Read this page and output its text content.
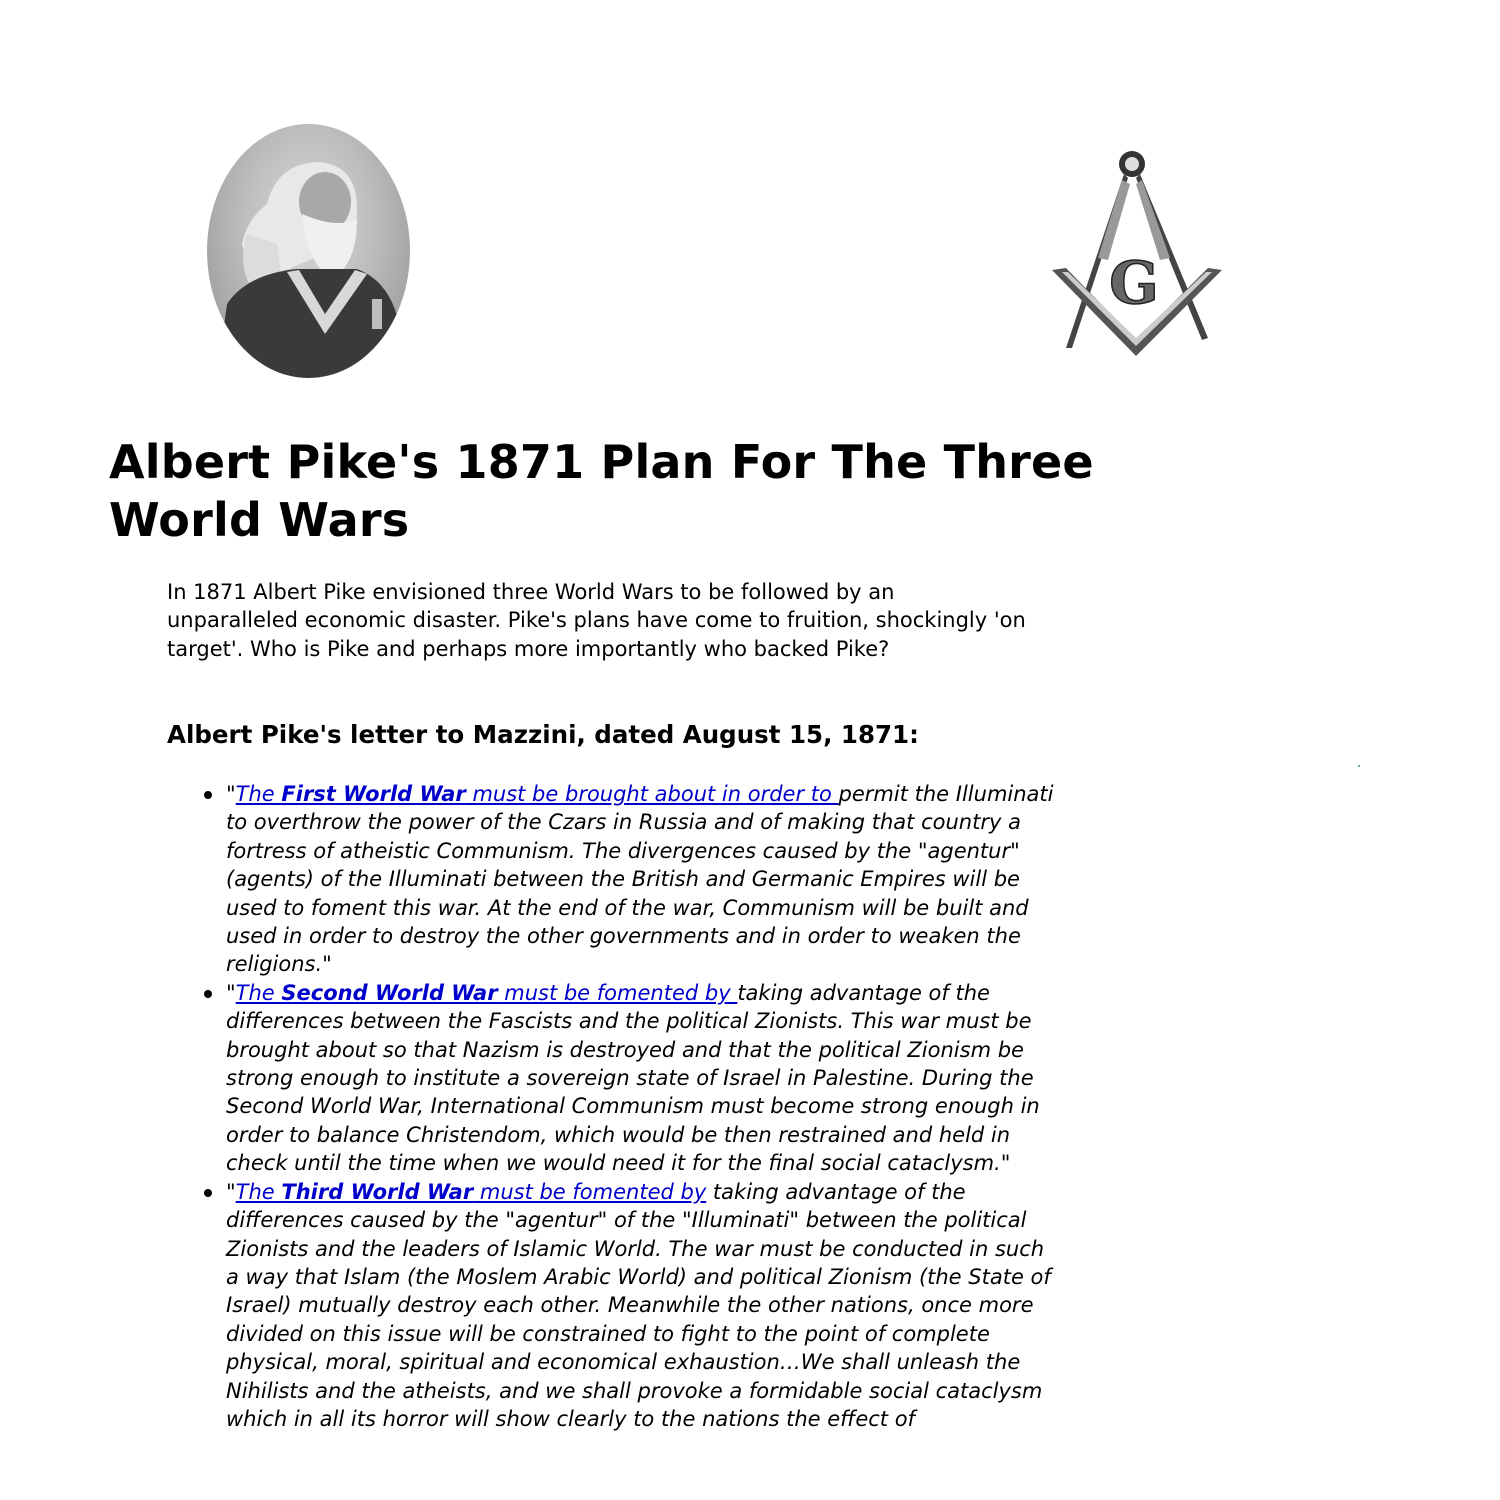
G
Albert Pike's 1871 Plan For The Three World Wars

In 1871 Albert Pike envisioned three World Wars to be followed by an unparalleled economic disaster. Pike's plans have come to fruition, shockingly 'on target'. Who is Pike and perhaps more importantly who backed Pike?

Albert Pike's letter to Mazzini, dated August 15, 1871:
"The First World War must be brought about in order to permit the Illuminati to overthrow the power of the Czars in Russia and of making that country a fortress of atheistic Communism. The divergences caused by the "agentur" (agents) of the Illuminati between the British and Germanic Empires will be used to foment this war. At the end of the war, Communism will be built and used in order to destroy the other governments and in order to weaken the religions."
"The Second World War must be fomented by taking advantage of the differences between the Fascists and the political Zionists. This war must be brought about so that Nazism is destroyed and that the political Zionism be strong enough to institute a sovereign state of Israel in Palestine. During the Second World War, International Communism must become strong enough in order to balance Christendom, which would be then restrained and held in check until the time when we would need it for the final social cataclysm."
"The Third World War must be fomented by taking advantage of the differences caused by the "agentur" of the "Illuminati" between the political Zionists and the leaders of Islamic World. The war must be conducted in such a way that Islam (the Moslem Arabic World) and political Zionism (the State of Israel) mutually destroy each other. Meanwhile the other nations, once more divided on this issue will be constrained to fight to the point of complete physical, moral, spiritual and economical exhaustion…We shall unleash the Nihilists and the atheists, and we shall provoke a formidable social cataclysm which in all its horror will show clearly to the nations the effect of
